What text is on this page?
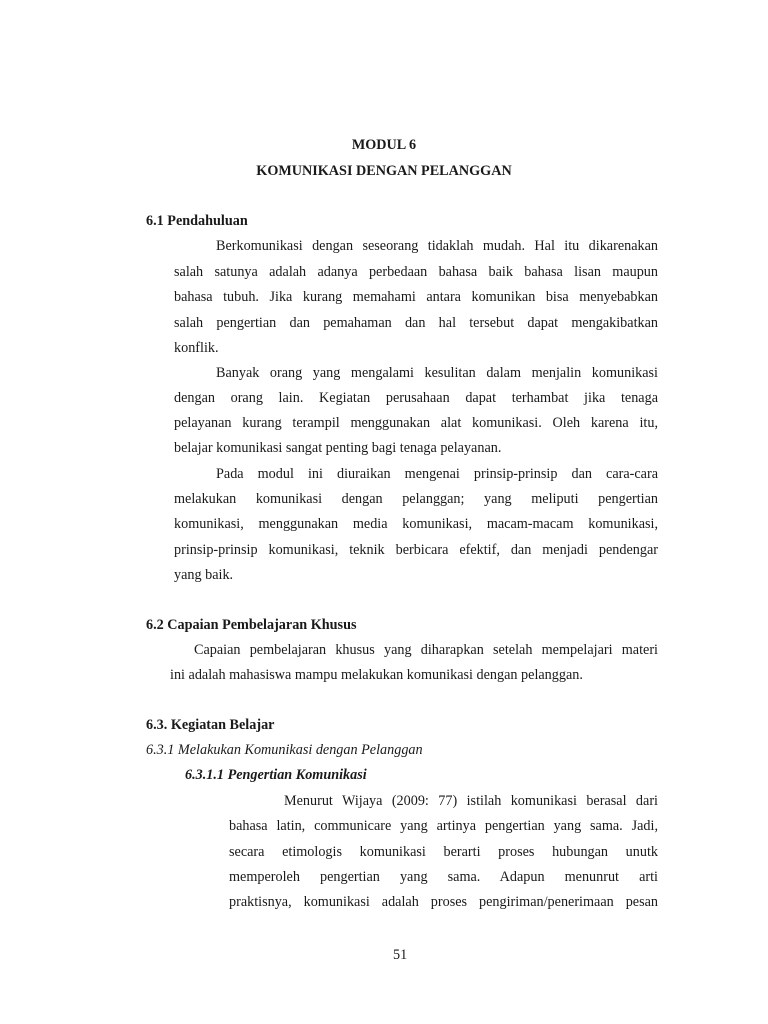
MODUL 6

KOMUNIKASI DENGAN PELANGGAN

6.1 Pendahuluan

Berkomunikasi dengan seseorang tidaklah mudah. Hal itu dikarenakan

salah satunya adalah adanya perbedaan bahasa baik bahasa lisan maupun

bahasa tubuh. Jika kurang memahami antara komunikan bisa menyebabkan

salah pengertian dan pemahaman dan hal tersebut dapat mengakibatkan

konflik.

Banyak orang yang mengalami kesulitan dalam menjalin komunikasi

dengan orang lain. Kegiatan perusahaan dapat terhambat jika tenaga

pelayanan kurang terampil menggunakan alat komunikasi. Oleh karena itu,

belajar komunikasi sangat penting bagi tenaga pelayanan.

Pada modul ini diuraikan mengenai prinsip-prinsip dan cara-cara

melakukan komunikasi dengan pelanggan; yang meliputi pengertian

komunikasi, menggunakan media komunikasi, macam-macam komunikasi,

prinsip-prinsip komunikasi, teknik berbicara efektif, dan menjadi pendengar

yang baik.

6.2 Capaian Pembelajaran Khusus

Capaian pembelajaran khusus yang diharapkan setelah mempelajari materi

ini adalah mahasiswa mampu melakukan komunikasi dengan pelanggan.

6.3. Kegiatan Belajar

6.3.1 Melakukan Komunikasi dengan Pelanggan

6.3.1.1 Pengertian Komunikasi

Menurut Wijaya (2009: 77) istilah komunikasi berasal dari

bahasa latin, communicare yang artinya pengertian yang sama. Jadi,

secara etimologis komunikasi berarti proses hubungan unutk

memperoleh pengertian yang sama. Adapun menunrut arti

praktisnya, komunikasi adalah proses pengiriman/penerimaan pesan

51
